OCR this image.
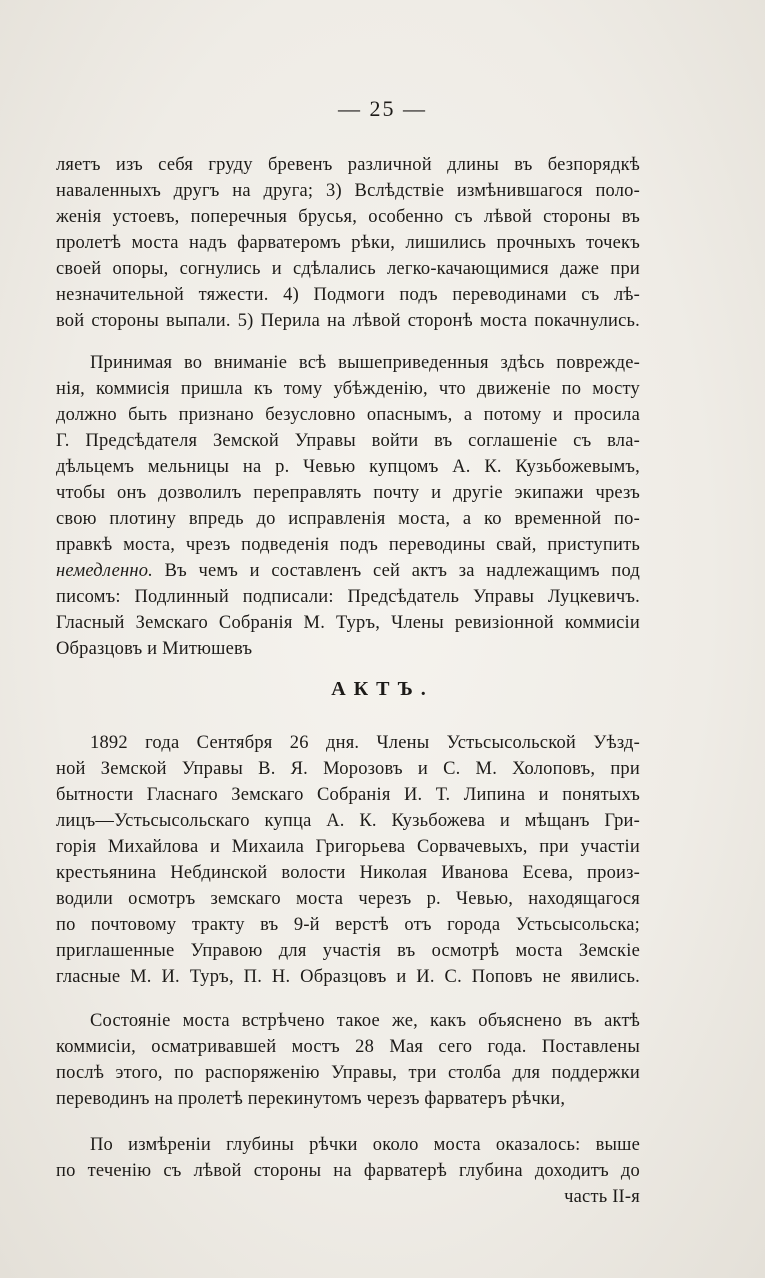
— 25 —
ляетъ изъ себя груду бревенъ различной длины въ безпорядкѣ
наваленныхъ другъ на друга; 3) Вслѣдствіе измѣнившагося поло-
женія устоевъ, поперечныя брусья, особенно съ лѣвой стороны въ
пролетѣ моста надъ фарватеромъ рѣки, лишились прочныхъ точекъ
своей опоры, согнулись и сдѣлались легко-качающимися даже при
незначительной тяжести. 4) Подмоги подъ переводинами съ лѣ-
вой стороны выпали. 5) Перила на лѣвой сторонѣ моста покачнулись.
Принимая во вниманіе всѣ вышеприведенныя здѣсь поврежде-
нія, коммисія пришла къ тому убѣжденію, что движеніе по мосту
должно быть признано безусловно опаснымъ, а потому и просила
Г. Предсѣдателя Земской Управы войти въ соглашеніе съ вла-
дѣльцемъ мельницы на р. Чевью купцомъ А. К. Кузьбожевымъ,
чтобы онъ дозволилъ переправлять почту и другіе экипажи чрезъ
свою плотину впредь до исправленія моста, а ко временной по-
правкѣ моста, чрезъ подведенія подъ переводины свай, приступить
немедленно. Въ чемъ и составленъ сей актъ за надлежащимъ под
писомъ: Подлинный подписали: Предсѣдатель Управы Луцкевичъ.
Гласный Земскаго Собранія М. Туръ, Члены ревизіонной коммисіи
Образцовъ и Митюшевъ
АКТЪ.
1892 года Сентября 26 дня. Члены Устьсысольской Уѣзд-
ной Земской Управы В. Я. Морозовъ и С. М. Холоповъ, при
бытности Гласнаго Земскаго Собранія И. Т. Липина и понятыхъ
лицъ—Устьсысольскаго купца А. К. Кузьбожева и мѣщанъ Гри-
горія Михайлова и Михаила Григорьева Сорвачевыхъ, при участіи
крестьянина Небдинской волости Николая Иванова Есева, произ-
водили осмотръ земскаго моста черезъ р. Чевью, находящагося
по почтовому тракту въ 9-й верстѣ отъ города Устьсысольска;
приглашенные Управою для участія въ осмотрѣ моста Земскіе
гласные М. И. Туръ, П. Н. Образцовъ и И. С. Поповъ не явились.
Состояніе моста встрѣчено такое же, какъ объяснено въ актѣ
коммисіи, осматривавшей мостъ 28 Мая сего года. Поставлены
послѣ этого, по распоряженію Управы, три столба для поддержки
переводинъ на пролетѣ перекинутомъ черезъ фарватеръ рѣчки,
По измѣреніи глубины рѣчки около моста оказалось: выше
по теченію съ лѣвой стороны на фарватерѣ глубина доходитъ до
часть II-я
